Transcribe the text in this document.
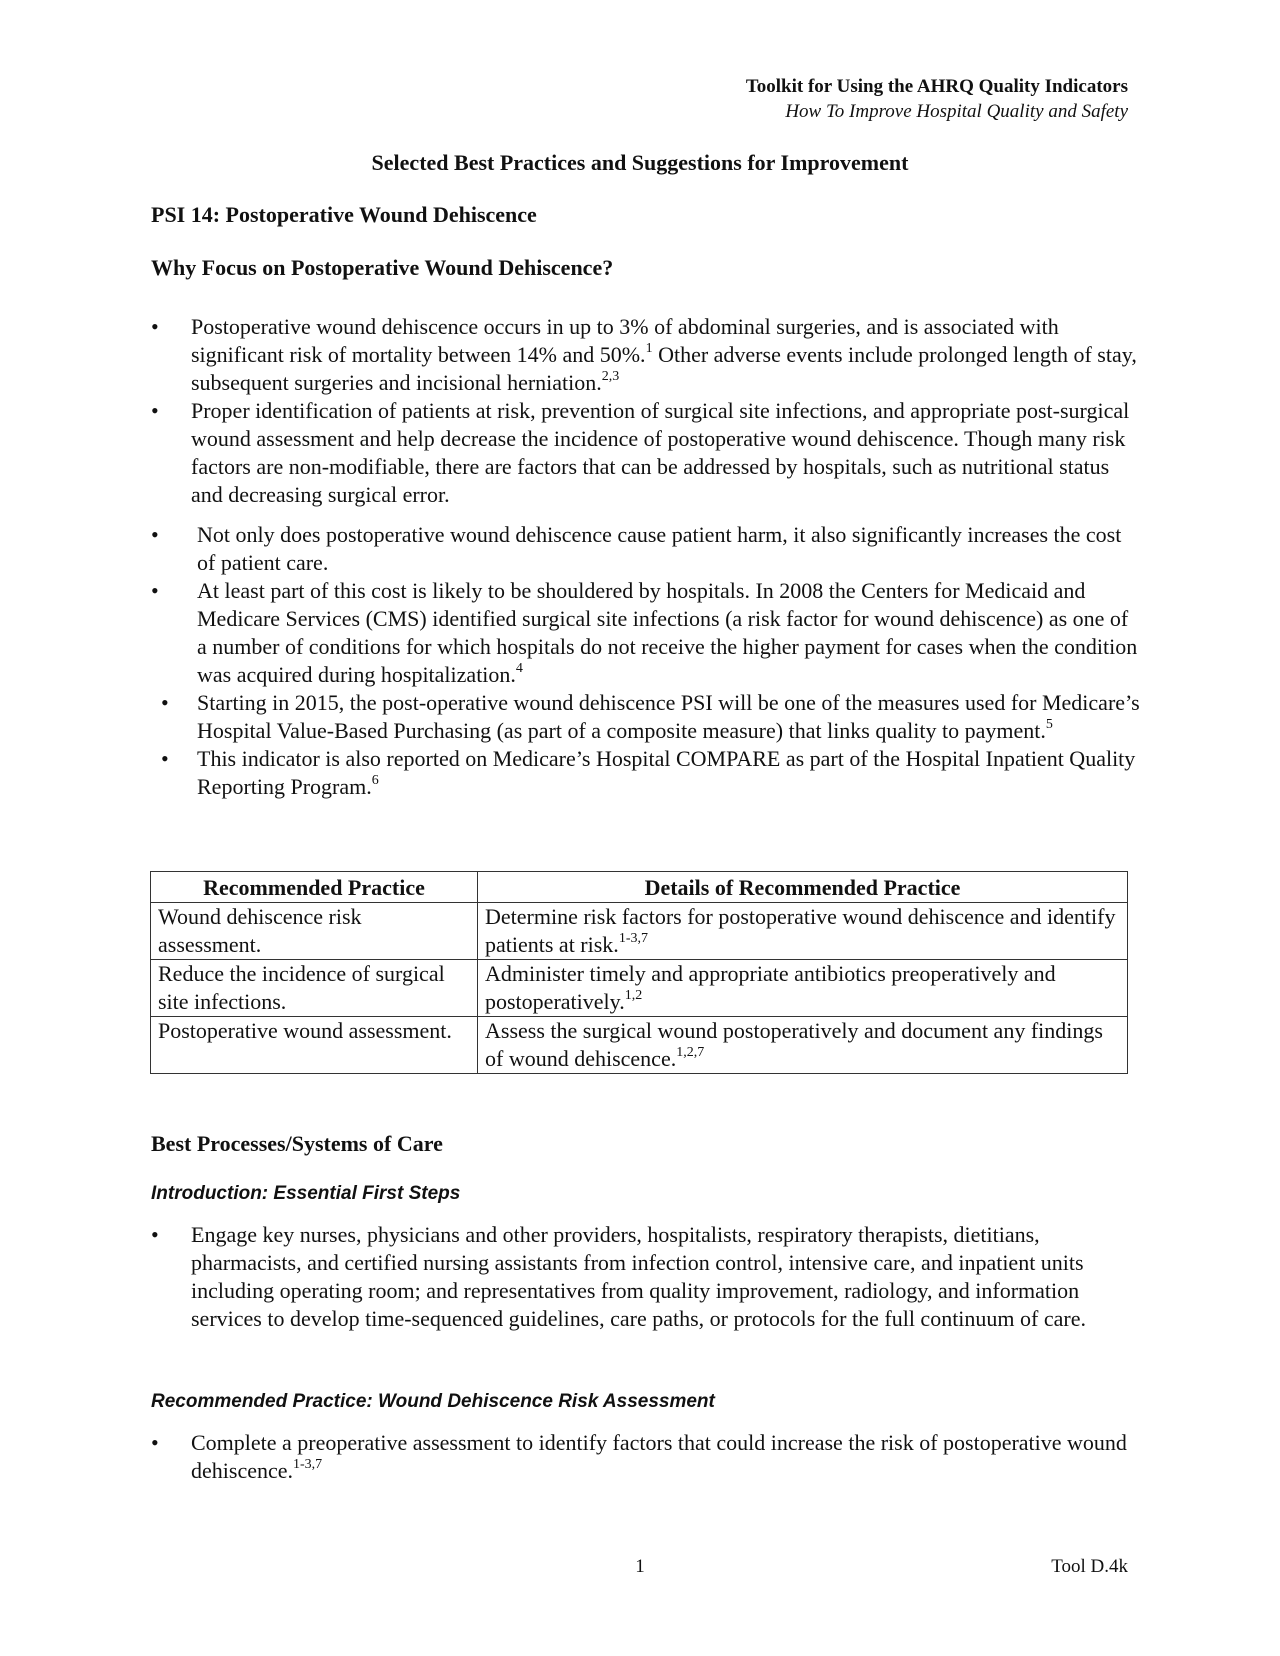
Toolkit for Using the AHRQ Quality Indicators
How To Improve Hospital Quality and Safety
Selected Best Practices and Suggestions for Improvement
PSI 14: Postoperative Wound Dehiscence
Why Focus on Postoperative Wound Dehiscence?
• Postoperative wound dehiscence occurs in up to 3% of abdominal surgeries, and is associated with significant risk of mortality between 14% and 50%.$^1$ Other adverse events include prolonged length of stay, subsequent surgeries and incisional herniation.$^{2,3}$
• Proper identification of patients at risk, prevention of surgical site infections, and appropriate post-surgical wound assessment and help decrease the incidence of postoperative wound dehiscence. Though many risk factors are non-modifiable, there are factors that can be addressed by hospitals, such as nutritional status and decreasing surgical error.
• Not only does postoperative wound dehiscence cause patient harm, it also significantly increases the cost of patient care.
• At least part of this cost is likely to be shouldered by hospitals. In 2008 the Centers for Medicaid and Medicare Services (CMS) identified surgical site infections (a risk factor for wound dehiscence) as one of a number of conditions for which hospitals do not receive the higher payment for cases when the condition was acquired during hospitalization.$^4$
• Starting in 2015, the post-operative wound dehiscence PSI will be one of the measures used for Medicare’s Hospital Value-Based Purchasing (as part of a composite measure) that links quality to payment.$^5$
• This indicator is also reported on Medicare’s Hospital COMPARE as part of the Hospital Inpatient Quality Reporting Program.$^6$
Recommended Practice	Details of Recommended Practice
Wound dehiscence risk assessment.	Determine risk factors for postoperative wound dehiscence and identify patients at risk.$^{1-3,7}$
Reduce the incidence of surgical site infections.	Administer timely and appropriate antibiotics preoperatively and postoperatively.$^{1,2}$
Postoperative wound assessment.	Assess the surgical wound postoperatively and document any findings of wound dehiscence.$^{1,2,7}$
Best Processes/Systems of Care
Introduction: Essential First Steps
• Engage key nurses, physicians and other providers, hospitalists, respiratory therapists, dietitians, pharmacists, and certified nursing assistants from infection control, intensive care, and inpatient units including operating room; and representatives from quality improvement, radiology, and information services to develop time-sequenced guidelines, care paths, or protocols for the full continuum of care.
Recommended Practice: Wound Dehiscence Risk Assessment
• Complete a preoperative assessment to identify factors that could increase the risk of postoperative wound dehiscence.$^{1-3,7}$
1	Tool D.4k
